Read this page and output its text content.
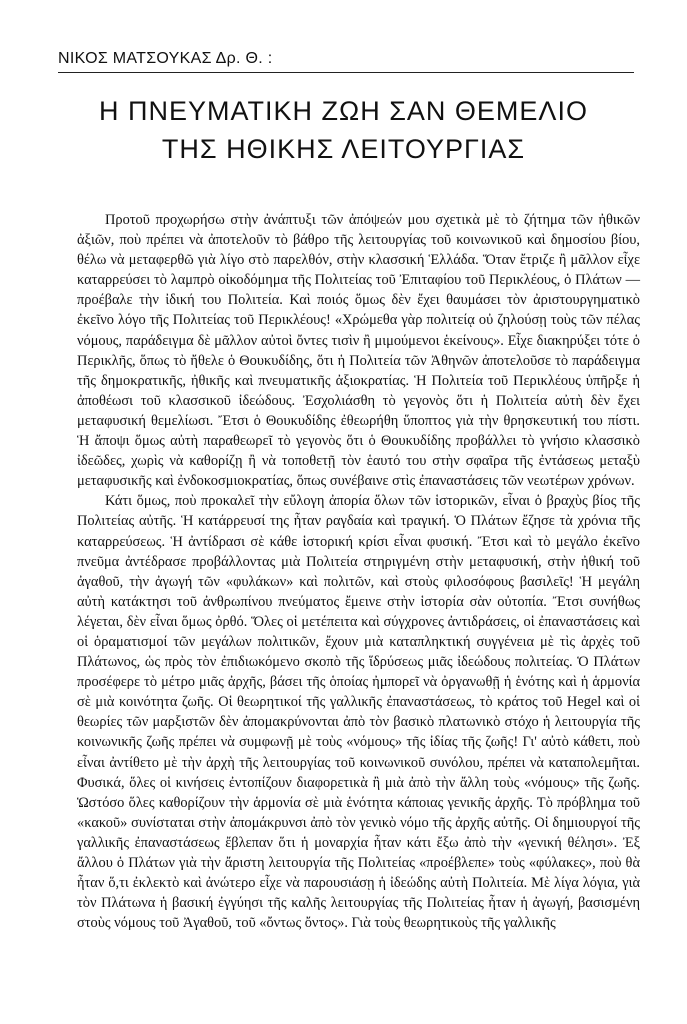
ΝΙΚΟΣ ΜΑΤΣΟΥΚΑΣ Δρ. Θ. :
Η ΠΝΕΥΜΑΤΙΚΗ ΖΩΗ ΣΑΝ ΘΕΜΕΛΙΟ
ΤΗΣ ΗΘΙΚΗΣ ΛΕΙΤΟΥΡΓΙΑΣ

Προτοῦ προχωρήσω στὴν ἀνάπτυξι τῶν ἀπόψεών μου σχετικὰ μὲ τὸ ζήτημα τῶν ἠθικῶν ἀξιῶν, ποὺ πρέπει νὰ ἀποτελοῦν τὸ βάθρο τῆς λειτουργίας τοῦ κοινωνικοῦ καὶ δημοσίου βίου, θέλω νὰ μεταφερθῶ γιὰ λίγο στὸ παρελθόν, στὴν κλασσική Ἑλλάδα. Ὅταν ἔτριζε ἢ μᾶλλον εἶχε καταρρεύσει τὸ λαμπρὸ οἰκοδόμημα τῆς Πολιτείας τοῦ Ἐπιταφίου τοῦ Περικλέους, ὁ Πλάτων — προέβαλε τὴν ἰδική του Πολιτεία. Καὶ ποιός ὅμως δὲν ἔχει θαυμάσει τὸν ἀριστουργηματικὸ ἐκεῖνο λόγο τῆς Πολιτείας τοῦ Περικλέους! «Χρώμεθα γὰρ πολιτείᾳ οὐ ζηλούσῃ τοὺς τῶν πέλας νόμους, παράδειγμα δὲ μᾶλλον αὐτοὶ ὄντες τισὶν ἢ μιμούμενοι ἑκείνους». Εἶχε διακηρύξει τότε ὁ Περικλῆς, ὅπως τὸ ἤθελε ὁ Θουκυδίδης, ὅτι ἡ Πολιτεία τῶν Ἀθηνῶν ἀποτελοῦσε τὸ παράδειγμα τῆς δημοκρατικῆς, ἠθικῆς καὶ πνευματικῆς ἀξιοκρατίας. Ἡ Πολιτεία τοῦ Περικλέους ὑπῆρξε ἡ ἀποθέωσι τοῦ κλασσικοῦ ἰδεώδους. Ἐσχολιάσθη τὸ γεγονὸς ὅτι ἡ Πολιτεία αὐτὴ δὲν ἔχει μεταφυσική θεμελίωσι. Ἔτσι ὁ Θουκυδίδης ἐθεωρήθη ὕποπτος γιὰ τὴν θρησκευτική του πίστι. Ἡ ἄποψι ὅμως αὐτὴ παραθεωρεῖ τὸ γεγονὸς ὅτι ὁ Θουκυδίδης προβάλλει τὸ γνήσιο κλασσικὸ ἰδεῶδες, χωρὶς νὰ καθορίζῃ ἢ νὰ τοποθετῇ τὸν ἑαυτό του στὴν σφαῖρα τῆς ἐντάσεως μεταξὺ μεταφυσικῆς καὶ ἐνδοκοσμιοκρατίας, ὅπως συνέβαινε στὶς ἐπαναστάσεις τῶν νεωτέρων χρόνων.

Κάτι ὅμως, ποὺ προκαλεῖ τὴν εὔλογη ἀπορία ὅλων τῶν ἱστορικῶν, εἶναι ὁ βραχὺς βίος τῆς Πολιτείας αὐτῆς. Ἡ κατάρρευσί της ἦταν ραγδαία καὶ τραγική. Ὁ Πλάτων ἔζησε τὰ χρόνια τῆς καταρρεύσεως. Ἡ ἀντίδρασι σὲ κάθε ἱστορική κρίσι εἶναι φυσική. Ἔτσι καὶ τὸ μεγάλο ἐκεῖνο πνεῦμα ἀντέδρασε προβάλλοντας μιὰ Πολιτεία στηριγμένη στὴν μεταφυσική, στὴν ἠθική τοῦ ἀγαθοῦ, τὴν ἀγωγή τῶν «φυλάκων» καὶ πολιτῶν, καὶ στοὺς φιλοσόφους βασιλεῖς! Ἡ μεγάλη αὐτὴ κατάκτησι τοῦ ἀνθρωπίνου πνεύματος ἔμεινε στὴν ἱστορία σὰν οὐτοπία. Ἔτσι συνήθως λέγεται, δὲν εἶναι ὅμως ὀρθό. Ὅλες οἱ μετέπειτα καὶ σύγχρονες ἀντιδράσεις, οἱ ἐπαναστάσεις καὶ οἱ ὁραματισμοί τῶν μεγάλων πολιτικῶν, ἔχουν μιὰ καταπληκτική συγγένεια μὲ τὶς ἀρχὲς τοῦ Πλάτωνος, ὡς πρὸς τὸν ἐπιδιωκόμενο σκοπὸ τῆς ἵδρύσεως μιᾶς ἰδεώδους πολιτείας. Ὁ Πλάτων προσέφερε τὸ μέτρο μιᾶς ἀρχῆς, βάσει τῆς ὁποίας ἠμπορεῖ νὰ ὀργανωθῇ ἡ ἑνότης καὶ ἡ ἁρμονία σὲ μιὰ κοινότητα ζωῆς. Οἱ θεωρητικοί τῆς γαλλικῆς ἐπαναστάσεως, τὸ κράτος τοῦ Hegel καὶ οἱ θεωρίες τῶν μαρξιστῶν δὲν ἀπομακρύνονται ἀπὸ τὸν βασικὸ πλατωνικὸ στόχο ἡ λειτουργία τῆς κοινωνικῆς ζωῆς πρέπει νὰ συμφωνῇ μὲ τοὺς «νόμους» τῆς ἰδίας τῆς ζωῆς! Γι' αὐτὸ κάθετι, ποὺ εἶναι ἀντίθετο μὲ τὴν ἀρχὴ τῆς λειτουργίας τοῦ κοινωνικοῦ συνόλου, πρέπει νὰ καταπολεμῆται. Φυσικά, ὅλες οἱ κινήσεις ἐντοπίζουν διαφορετικὰ ἢ μιὰ ἀπὸ τὴν ἄλλη τοὺς «νόμους» τῆς ζωῆς. Ὡστόσο ὅλες καθορίζουν τὴν ἁρμονία σὲ μιὰ ἑνότητα κάποιας γενικῆς ἀρχῆς. Τὸ πρόβλημα τοῦ «κακοῦ» συνίσταται στὴν ἀπομάκρυνσι ἀπὸ τὸν γενικὸ νόμο τῆς ἀρχῆς αὐτῆς. Οἱ δημιουργοί τῆς γαλλικῆς ἐπαναστάσεως ἔβλεπαν ὅτι ἡ μοναρχία ἦταν κάτι ἔξω ἀπὸ τὴν «γενική θέλησι». Ἐξ ἄλλου ὁ Πλάτων γιὰ τὴν ἄριστη λειτουργία τῆς Πολιτείας «προέβλεπε» τοὺς «φύλακες», ποὺ θὰ ἦταν ὅ,τι ἐκλεκτὸ καὶ ἀνώτερο εἶχε νὰ παρουσιάσῃ ἡ ἰδεώδης αὐτὴ Πολιτεία. Μὲ λίγα λόγια, γιὰ τὸν Πλάτωνα ἡ βασική ἐγγύησι τῆς καλῆς λειτουργίας τῆς Πολιτείας ἦταν ἡ ἀγωγή, βασισμένη στοὺς νόμους τοῦ Ἀγαθοῦ, τοῦ «ὄντως ὄντος». Γιὰ τοὺς θεωρητικοὺς τῆς γαλλικῆς
